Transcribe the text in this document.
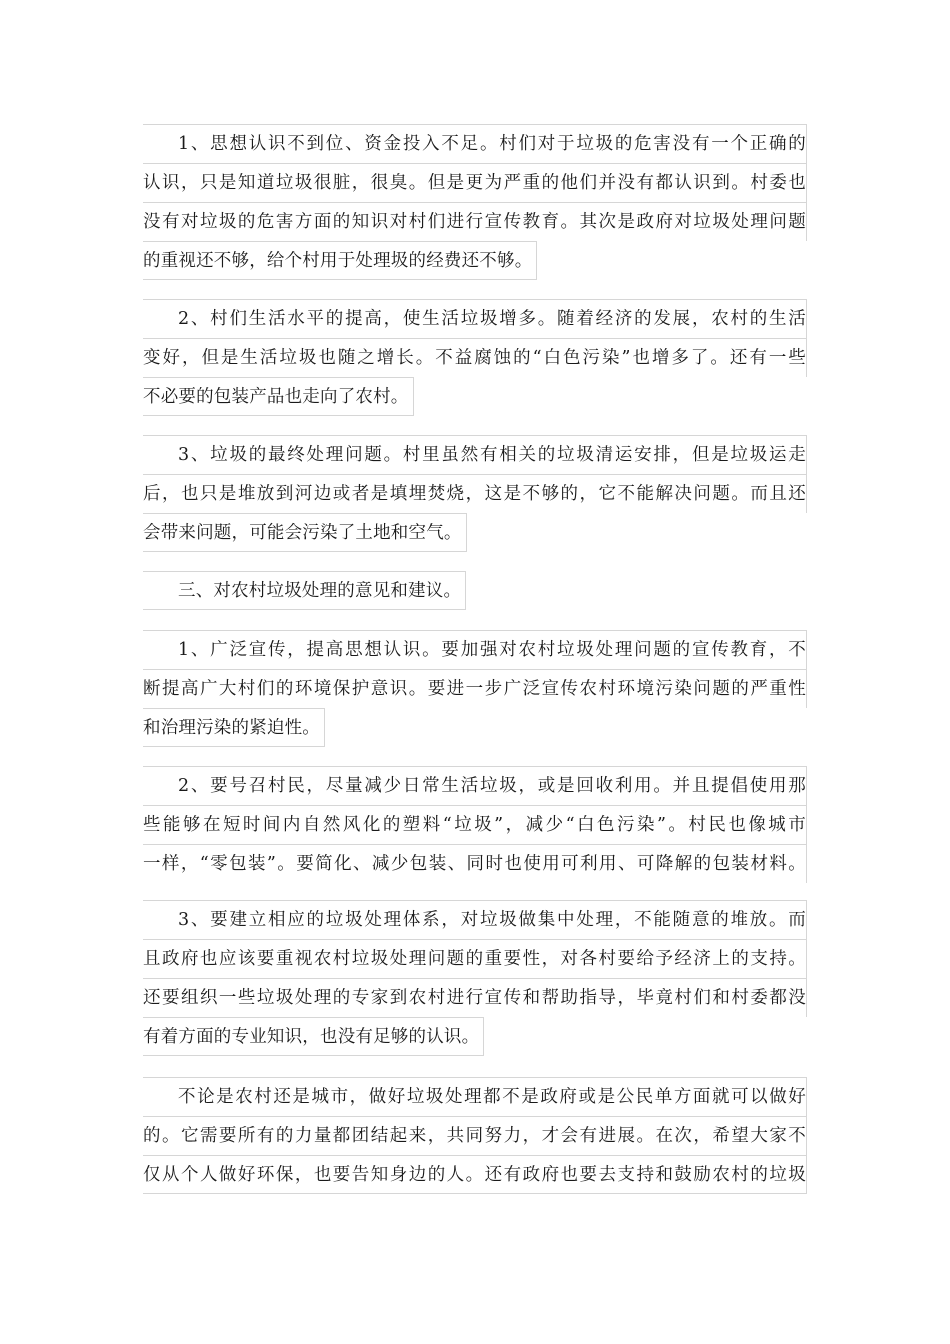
1、思想认识不到位、资金投入不足。村们对于垃圾的危害没有一个正确的
认识，只是知道垃圾很脏，很臭。但是更为严重的他们并没有都认识到。村委也
没有对垃圾的危害方面的知识对村们进行宣传教育。其次是政府对垃圾处理问题
的重视还不够，给个村用于处理圾的经费还不够。
2、村们生活水平的提高，使生活垃圾增多。随着经济的发展，农村的生活
变好，但是生活垃圾也随之增长。不益腐蚀的“白色污染”也增多了。还有一些
不必要的包装产品也走向了农村。
3、垃圾的最终处理问题。村里虽然有相关的垃圾清运安排，但是垃圾运走
后，也只是堆放到河边或者是填埋焚烧，这是不够的，它不能解决问题。而且还
会带来问题，可能会污染了土地和空气。
三、对农村垃圾处理的意见和建议。
1、广泛宣传，提高思想认识。要加强对农村垃圾处理问题的宣传教育，不
断提高广大村们的环境保护意识。要进一步广泛宣传农村环境污染问题的严重性
和治理污染的紧迫性。
2、要号召村民，尽量减少日常生活垃圾，或是回收利用。并且提倡使用那
些能够在短时间内自然风化的塑料“垃圾”，减少“白色污染”。村民也像城市
一样，“零包装”。要简化、减少包装、同时也使用可利用、可降解的包装材料。
3、要建立相应的垃圾处理体系，对垃圾做集中处理，不能随意的堆放。而
且政府也应该要重视农村垃圾处理问题的重要性，对各村要给予经济上的支持。
还要组织一些垃圾处理的专家到农村进行宣传和帮助指导，毕竟村们和村委都没
有着方面的专业知识，也没有足够的认识。
不论是农村还是城市，做好垃圾处理都不是政府或是公民单方面就可以做好
的。它需要所有的力量都团结起来，共同努力，才会有进展。在次，希望大家不
仅从个人做好环保，也要告知身边的人。还有政府也要去支持和鼓励农村的垃圾
